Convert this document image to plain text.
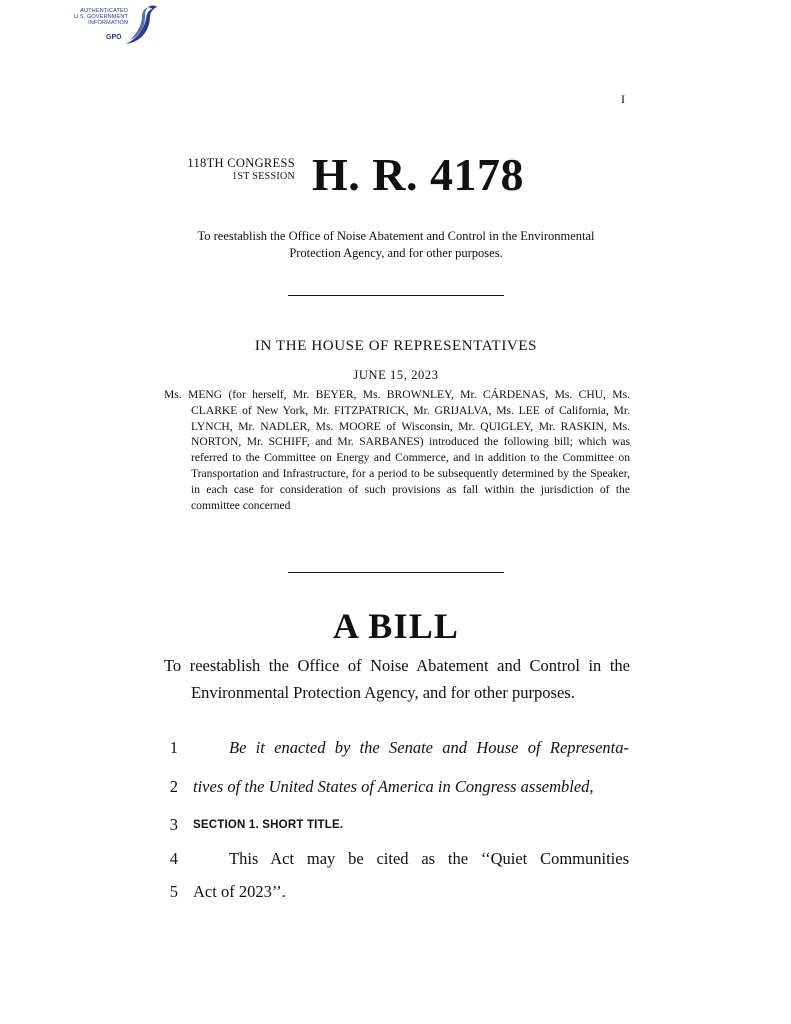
AUTHENTICATED
U.S. GOVERNMENT
INFORMATION
GPO
I
118TH CONGRESS
1ST SESSION H. R. 4178
To reestablish the Office of Noise Abatement and Control in the Environmental Protection Agency, and for other purposes.
IN THE HOUSE OF REPRESENTATIVES
JUNE 15, 2023
Ms. MENG (for herself, Mr. BEYER, Ms. BROWNLEY, Mr. CÁRDENAS, Ms. CHU, Ms. CLARKE of New York, Mr. FITZPATRICK, Mr. GRIJALVA, Ms. LEE of California, Mr. LYNCH, Mr. NADLER, Ms. MOORE of Wisconsin, Mr. QUIGLEY, Mr. RASKIN, Ms. NORTON, Mr. SCHIFF, and Mr. SARBANES) introduced the following bill; which was referred to the Committee on Energy and Commerce, and in addition to the Committee on Transportation and Infrastructure, for a period to be subsequently determined by the Speaker, in each case for consideration of such provisions as fall within the jurisdiction of the committee concerned
A BILL
To reestablish the Office of Noise Abatement and Control in the Environmental Protection Agency, and for other purposes.
1	Be it enacted by the Senate and House of Representa-
2 tives of the United States of America in Congress assembled,
3 SECTION 1. SHORT TITLE.
4	This Act may be cited as the ‘‘Quiet Communities
5 Act of 2023’’.
